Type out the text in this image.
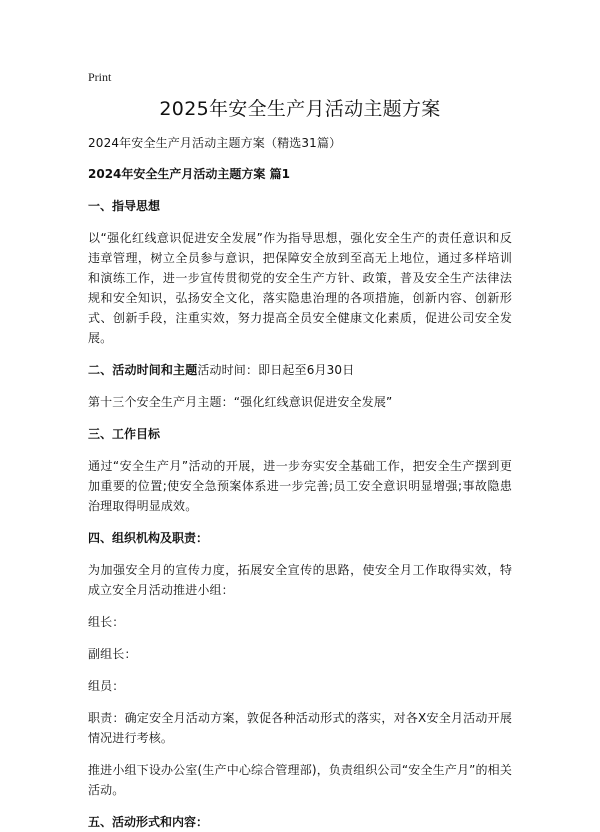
Print
2025年安全生产月活动主题方案

2024年安全生产月活动主题方案（精选31篇）

2024年安全生产月活动主题方案 篇1

一、指导思想

以“强化红线意识促进安全发展”作为指导思想，强化安全生产的责任意识和反违章管理，树立全员参与意识，把保障安全放到至高无上地位，通过多样培训和演练工作，进一步宣传贯彻党的安全生产方针、政策，普及安全生产法律法规和安全知识，弘扬安全文化，落实隐患治理的各项措施，创新内容、创新形式、创新手段，注重实效，努力提高全员安全健康文化素质，促进公司安全发展。

二、活动时间和主题活动时间：即日起至6月30日

第十三个安全生产月主题：“强化红线意识促进安全发展”

三、工作目标

通过“安全生产月”活动的开展，进一步夯实安全基础工作，把安全生产摆到更加重要的位置;使安全急预案体系进一步完善;员工安全意识明显增强;事故隐患治理取得明显成效。

四、组织机构及职责：

为加强安全月的宣传力度，拓展安全宣传的思路，使安全月工作取得实效，特成立安全月活动推进小组：

组长：

副组长：

组员：

职责：确定安全月活动方案，敦促各种活动形式的落实，对各X安全月活动开展情况进行考核。

推进小组下设办公室(生产中心综合管理部)，负责组织公司“安全生产月”的相关活动。

五、活动形式和内容：
